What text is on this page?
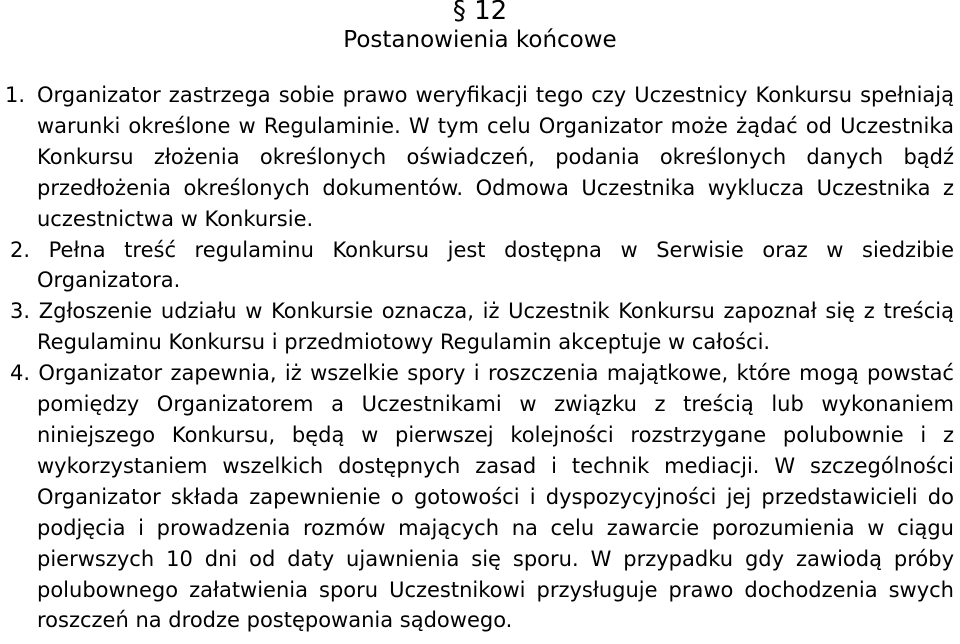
§ 12
Postanowienia końcowe
1. Organizator zastrzega sobie prawo weryfikacji tego czy Uczestnicy Konkursu spełniają warunki określone w Regulaminie. W tym celu Organizator może żądać od Uczestnika Konkursu złożenia określonych oświadczeń, podania określonych danych bądź przedłożenia określonych dokumentów. Odmowa Uczestnika wyklucza Uczestnika z uczestnictwa w Konkursie.
2. Pełna treść regulaminu Konkursu jest dostępna w Serwisie oraz w siedzibie Organizatora.
3. Zgłoszenie udziału w Konkursie oznacza, iż Uczestnik Konkursu zapoznał się z treścią Regulaminu Konkursu i przedmiotowy Regulamin akceptuje w całości.
4. Organizator zapewnia, iż wszelkie spory i roszczenia majątkowe, które mogą powstać pomiędzy Organizatorem a Uczestnikami w związku z treścią lub wykonaniem niniejszego Konkursu, będą w pierwszej kolejności rozstrzygane polubownie i z wykorzystaniem wszelkich dostępnych zasad i technik mediacji. W szczególności Organizator składa zapewnienie o gotowości i dyspozycyjności jej przedstawicieli do podjęcia i prowadzenia rozmów mających na celu zawarcie porozumienia w ciągu pierwszych 10 dni od daty ujawnienia się sporu. W przypadku gdy zawiodą próby polubownego załatwienia sporu Uczestnikowi przysługuje prawo dochodzenia swych roszczeń na drodze postępowania sądowego.
